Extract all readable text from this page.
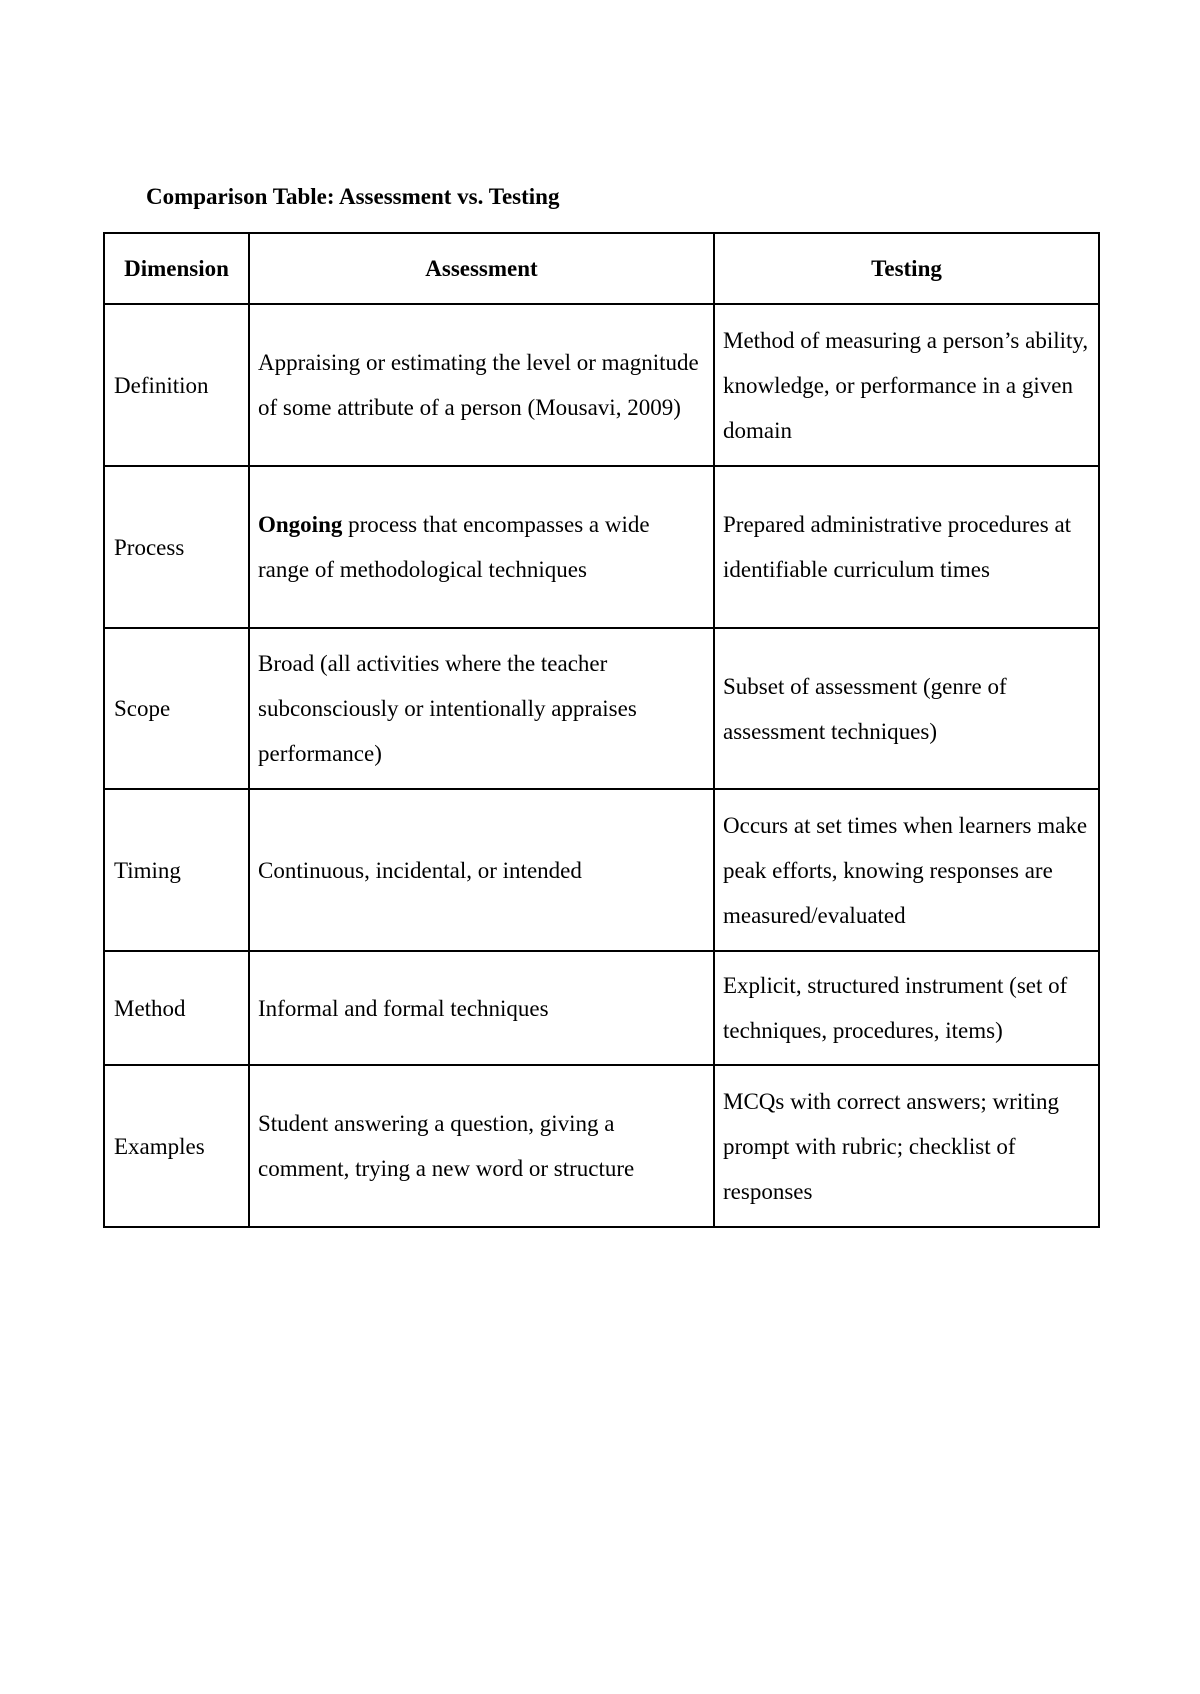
Comparison Table: Assessment vs. Testing
Dimension	Assessment	Testing
Definition	Appraising or estimating the level or magnitude of some attribute of a person (Mousavi, 2009)	Method of measuring a person’s ability, knowledge, or performance in a given domain
Process	Ongoing process that encompasses a wide range of methodological techniques	Prepared administrative procedures at identifiable curriculum times
Scope	Broad (all activities where the teacher subconsciously or intentionally appraises performance)	Subset of assessment (genre of assessment techniques)
Timing	Continuous, incidental, or intended	Occurs at set times when learners make peak efforts, knowing responses are measured/evaluated
Method	Informal and formal techniques	Explicit, structured instrument (set of techniques, procedures, items)
Examples	Student answering a question, giving a comment, trying a new word or structure	MCQs with correct answers; writing prompt with rubric; checklist of responses
